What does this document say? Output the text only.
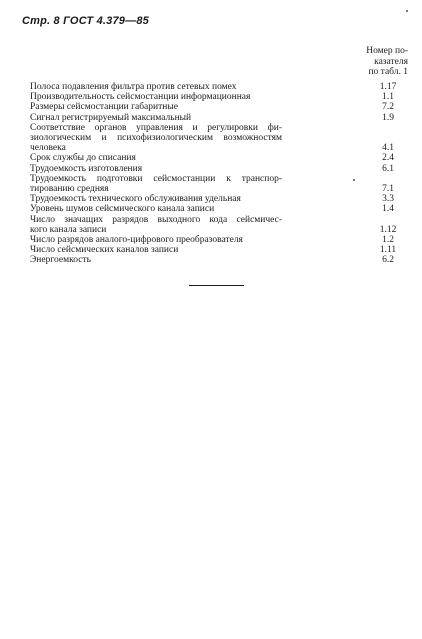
Стр. 8 ГОСТ 4.379—85
Номер по-
казателя
по табл. 1
Полоса подавления фильтра против сетевых помех	1.17
Производительность сейсмостанции информационная	1.1
Размеры сейсмостанции габаритные	7.2
Сигнал регистрируемый максимальный	1.9
Соответствие органов управления и регулировки фи-
зиологическим и психофизиологическим возможностям
человека	4.1
Срок службы до списания	2.4
Трудоемкость изготовления	6.1
Трудоемкость подготовки сейсмостанции к транспор-
тированию средняя	7.1
Трудоемкость технического обслуживания удельная	3.3
Уровень шумов сейсмического канала записи	1.4
Число значащих разрядов выходного кода сейсмичес-
кого канала записи	1.12
Число разрядов аналого-цифрового преобразователя	1.2
Число сейсмических каналов записи	1.11
Энергоемкость	6.2
